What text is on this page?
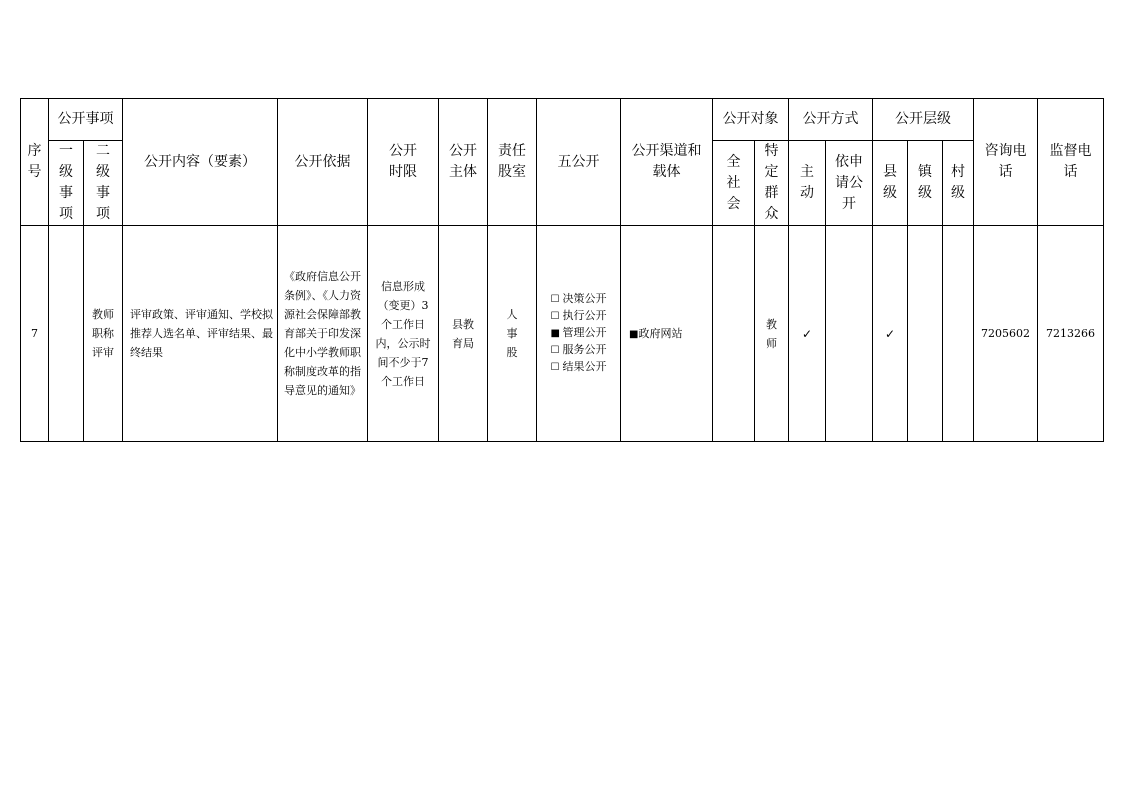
序号	公开事项		公开内容（要素）	公开依据	公开时限	公开主体	责任股室	五公开	公开渠道和载体	公开对象		公开方式		公开层级			咨询电话	监督电话
	一级事项	二级事项								全社会	特定群众	主动	依申请公开	县级	镇级	村级		
7		教师职称评审	评审政策、评审通知、学校拟推荐人选名单、评审结果、最终结果	《政府信息公开条例》、《人力资源社会保障部教育部关于印发深化中小学教师职称制度改革的指导意见的通知》	信息形成（变更）3个工作日内，公示时间不少于7个工作日	县教育局	人事股	☐ 决策公开
☐ 执行公开
■ 管理公开
☐ 服务公开
☐ 结果公开	■政府网站		教师	✓		✓			7205602	7213266
